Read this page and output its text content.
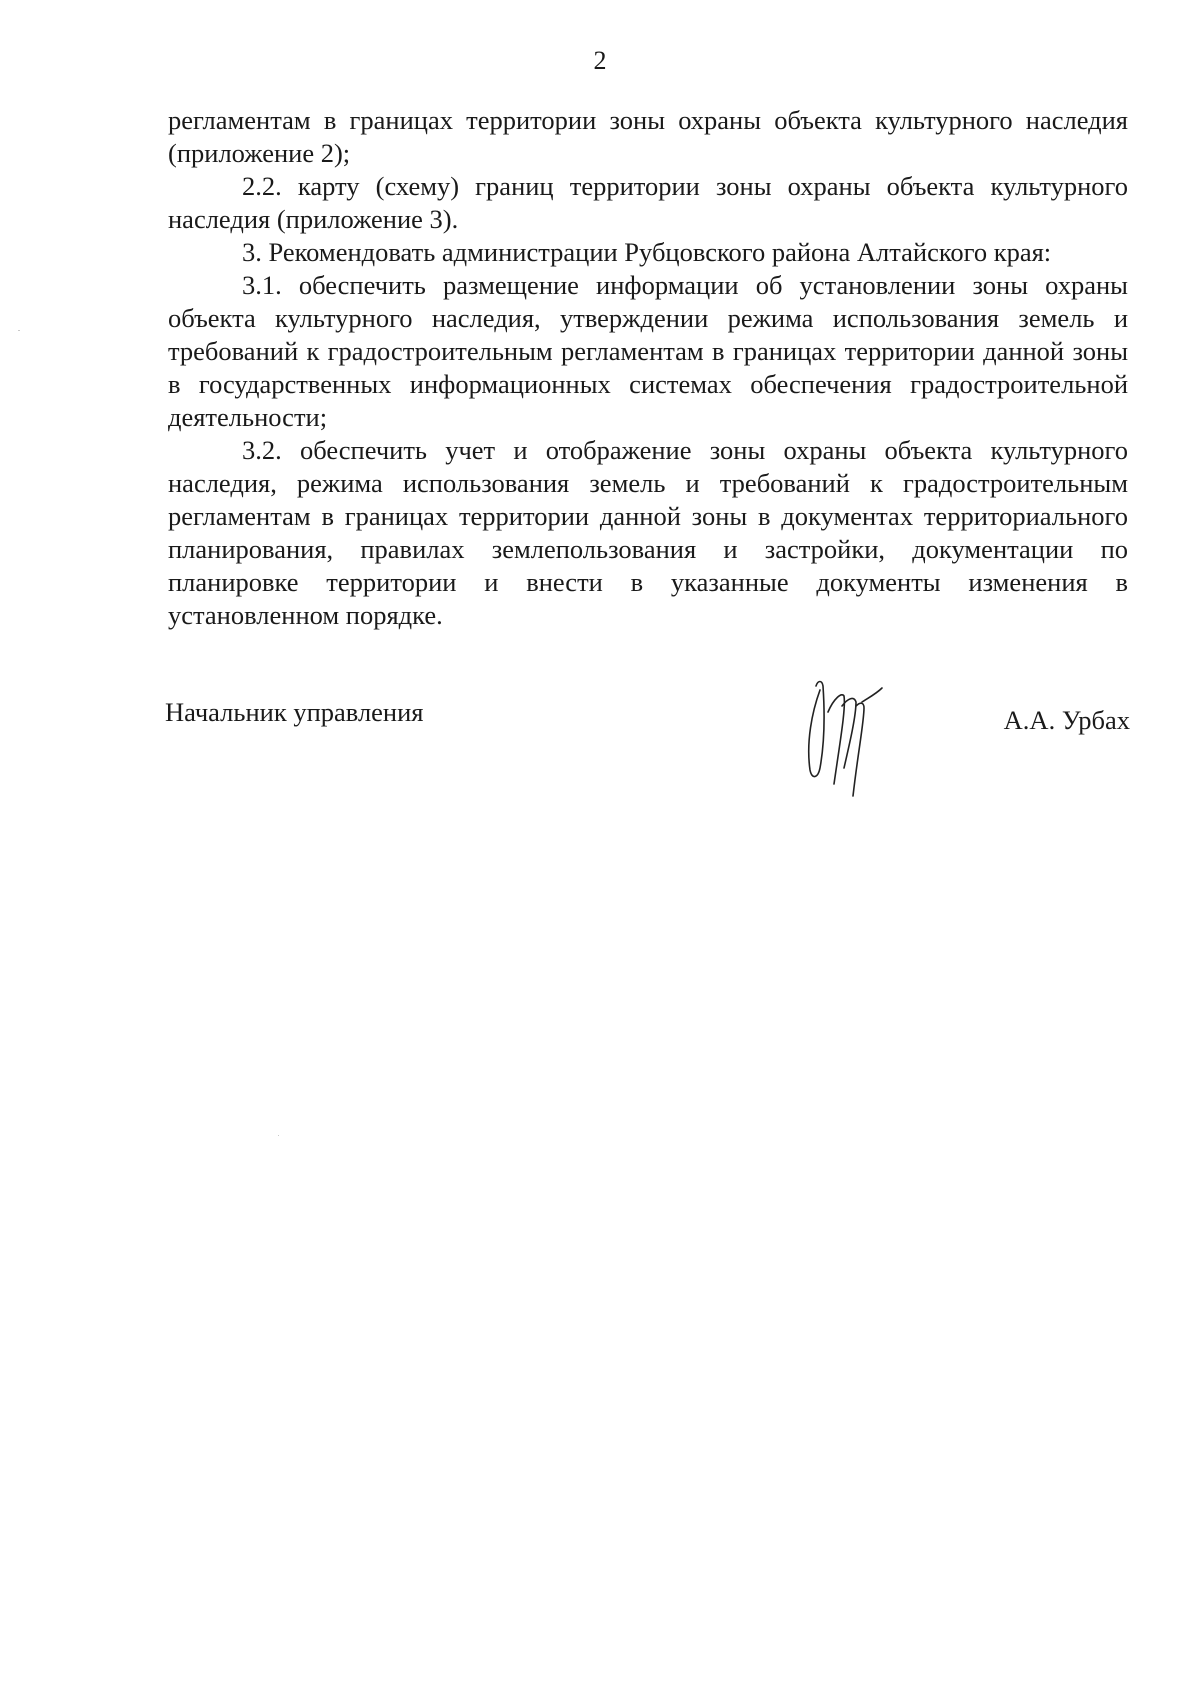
2

регламентам в границах территории зоны охраны объекта культурного наследия (приложение 2);

2.2. карту (схему) границ территории зоны охраны объекта культурного наследия (приложение 3).

3. Рекомендовать администрации Рубцовского района Алтайского края:

3.1. обеспечить размещение информации об установлении зоны охраны объекта культурного наследия, утверждении режима использования земель и требований к градостроительным регламентам в границах территории данной зоны в государственных информационных системах обеспечения градостроительной деятельности;

3.2. обеспечить учет и отображение зоны охраны объекта культурного наследия, режима использования земель и требований к градостроительным регламентам в границах территории данной зоны в документах территориального планирования, правилах землепользования и застройки, документации по планировке территории и внести в указанные документы изменения в установленном порядке.

Начальник управления	А.А. Урбах
